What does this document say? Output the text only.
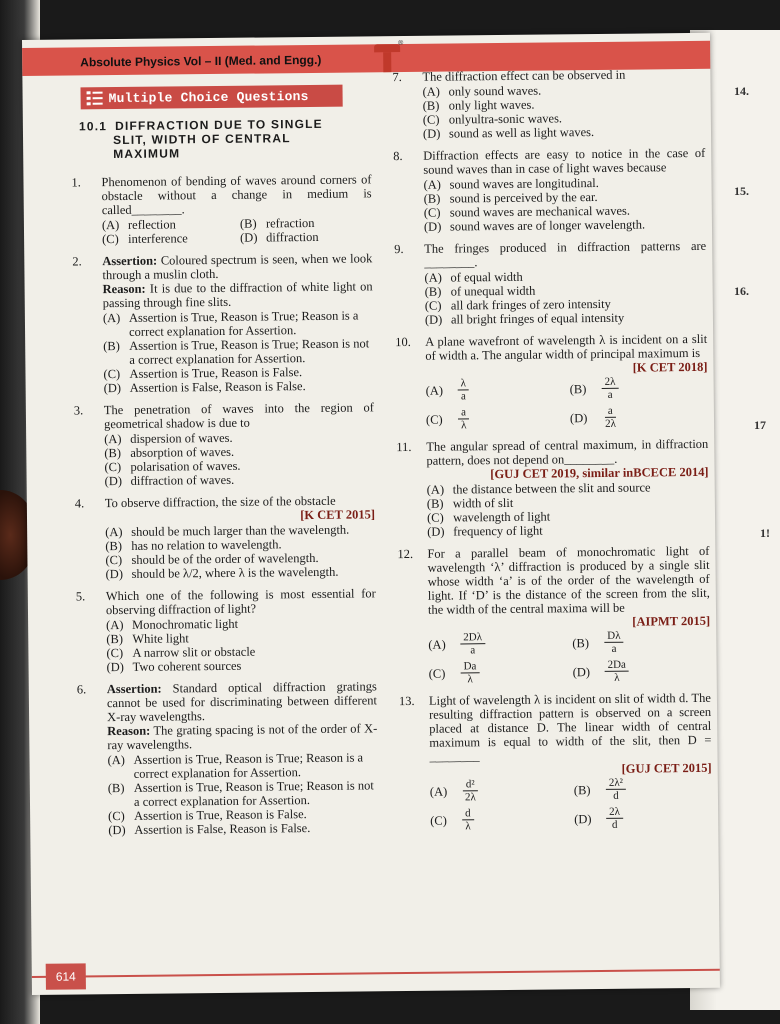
14.
15.
16.
17
1!
Absolute Physics Vol – II (Med. and Engg.)
®
Multiple Choice Questions
10.1 DIFFRACTION DUE TO SINGLE
SLIT, WIDTH OF CENTRAL
MAXIMUM
1.	Phenomenon of bending of waves around corners of obstacle without a change in medium is called________.
(A) reflection	(B) refraction
(C) interference	(D) diffraction
2.	Assertion: Coloured spectrum is seen, when we look through a muslin cloth.
Reason: It is due to the diffraction of white light on passing through fine slits.
(A) Assertion is True, Reason is True; Reason is a correct explanation for Assertion.
(B) Assertion is True, Reason is True; Reason is not a correct explanation for Assertion.
(C) Assertion is True, Reason is False.
(D) Assertion is False, Reason is False.
3.	The penetration of waves into the region of geometrical shadow is due to
(A) dispersion of waves.
(B) absorption of waves.
(C) polarisation of waves.
(D) diffraction of waves.
4.	To observe diffraction, the size of the obstacle
[K CET 2015]
(A) should be much larger than the wavelength.
(B) has no relation to wavelength.
(C) should be of the order of wavelength.
(D) should be λ/2, where λ is the wavelength.
5.	Which one of the following is most essential for observing diffraction of light?
(A) Monochromatic light
(B) White light
(C) A narrow slit or obstacle
(D) Two coherent sources
6.	Assertion: Standard optical diffraction gratings cannot be used for discriminating between different X-ray wavelengths.
Reason: The grating spacing is not of the order of X-ray wavelengths.
(A) Assertion is True, Reason is True; Reason is a correct explanation for Assertion.
(B) Assertion is True, Reason is True; Reason is not a correct explanation for Assertion.
(C) Assertion is True, Reason is False.
(D) Assertion is False, Reason is False.
7.	The diffraction effect can be observed in
(A) only sound waves.
(B) only light waves.
(C) onlyultra-sonic waves.
(D) sound as well as light waves.
8.	Diffraction effects are easy to notice in the case of sound waves than in case of light waves because
(A) sound waves are longitudinal.
(B) sound is perceived by the ear.
(C) sound waves are mechanical waves.
(D) sound waves are of longer wavelength.
9.	The fringes produced in diffraction patterns are ________.
(A) of equal width
(B) of unequal width
(C) all dark fringes of zero intensity
(D) all bright fringes of equal intensity
10.	A plane wavefront of wavelength λ is incident on a slit of width a. The angular width of principal maximum is
[K CET 2018]
(A)	$\frac{\lambda}{a}$	(B)	$\frac{2\lambda}{a}$
(C)	$\frac{a}{\lambda}$	(D)	$\frac{a}{2\lambda}$
11.	The angular spread of central maximum, in diffraction pattern, does not depend on________.
[GUJ CET 2019, similar inBCECE 2014]
(A) the distance between the slit and source
(B) width of slit
(C) wavelength of light
(D) frequency of light
12.	For a parallel beam of monochromatic light of wavelength ‘λ’ diffraction is produced by a single slit whose width ‘a’ is of the order of the wavelength of light. If ‘D’ is the distance of the screen from the slit, the width of the central maxima will be
[AIPMT 2015]
(A)	$\frac{2D\lambda}{a}$	(B)	$\frac{D\lambda}{a}$
(C)	$\frac{Da}{\lambda}$	(D)	$\frac{2Da}{\lambda}$
13.	Light of wavelength λ is incident on slit of width d. The resulting diffraction pattern is observed on a screen placed at distance D. The linear width of central maximum is equal to width of the slit, then D = ________
[GUJ CET 2015]
(A)	$\frac{\text{d²}}{2\lambda}$	(B)	$\frac{\text{2λ²}}{d}$
(C)	$\frac{d}{\lambda}$	(D)	$\frac{2\lambda}{d}$
614
